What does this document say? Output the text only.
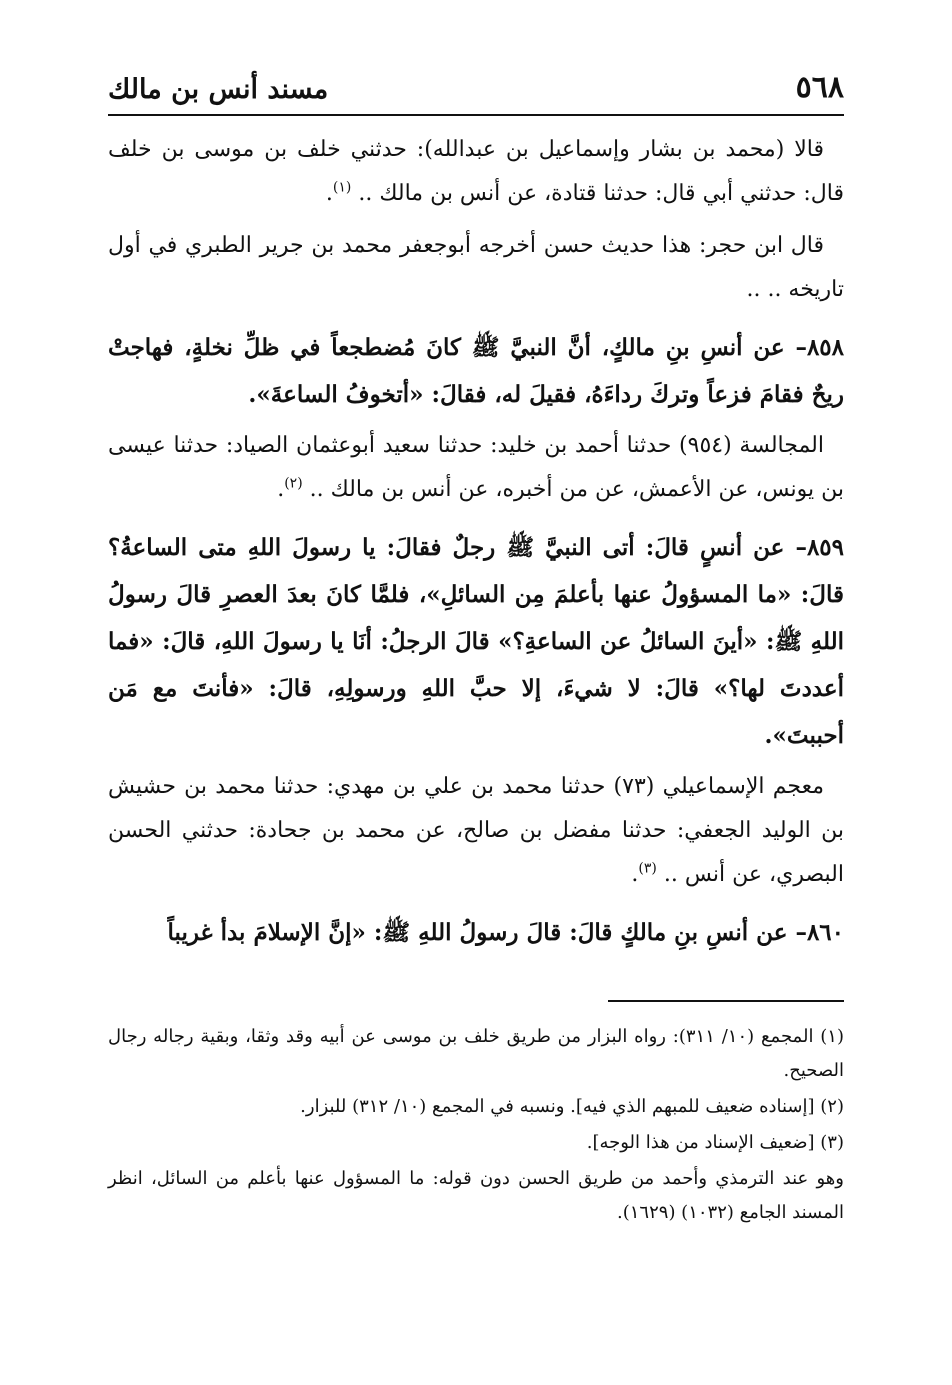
٥٦٨
مسند أنس بن مالك

قالا (محمد بن بشار وإسماعيل بن عبدالله): حدثني خلف بن موسى بن خلف قال: حدثني أبي قال: حدثنا قتادة، عن أنس بن مالك .. $^{(١)}$.

قال ابن حجر: هذا حديث حسن أخرجه أبوجعفر محمد بن جرير الطبري في أول تاريخه .. ..

٨٥٨– عن أنسِ بنِ مالكٍ، أنَّ النبيَّ ﷺ كانَ مُضطجعاً في ظلِّ نخلةٍ، فهاجتْ ريحٌ فقامَ فزعاً وتركَ رداءَهُ، فقيلَ له، فقالَ: «أتخوفُ الساعةَ».

المجالسة (٩٥٤) حدثنا أحمد بن خليد: حدثنا سعيد أبوعثمان الصياد: حدثنا عيسى بن يونس، عن الأعمش، عن من أخبره، عن أنس بن مالك .. $^{(٢)}$.

٨٥٩– عن أنسٍ قالَ: أتى النبيَّ ﷺ رجلٌ فقالَ: يا رسولَ اللهِ متى الساعةُ؟ قالَ: «ما المسؤولُ عنها بأعلمَ مِن السائلِ»، فلمَّا كانَ بعدَ العصرِ قالَ رسولُ اللهِ ﷺ: «أينَ السائلُ عن الساعةِ؟» قالَ الرجلُ: أنَا يا رسولَ اللهِ، قالَ: «فما أعددتَ لها؟» قالَ: لا شيءَ، إلا حبَّ اللهِ ورسولِهِ، قالَ: «فأنتَ مع مَن أحببتَ».

معجم الإسماعيلي (٧٣) حدثنا محمد بن علي بن مهدي: حدثنا محمد بن حشيش بن الوليد الجعفي: حدثنا مفضل بن صالح، عن محمد بن جحادة: حدثني الحسن البصري، عن أنس .. $^{(٣)}$.

٨٦٠– عن أنسِ بنِ مالكٍ قالَ: قالَ رسولُ اللهِ ﷺ: «إنَّ الإسلامَ بدأ غريباً

(١) المجمع (١٠/ ٣١١): رواه البزار من طريق خلف بن موسى عن أبيه وقد وثقا، وبقية رجاله رجال الصحيح.

(٢) [إسناده ضعيف للمبهم الذي فيه]. ونسبه في المجمع (١٠/ ٣١٢) للبزار.

(٣) [ضعيف الإسناد من هذا الوجه].

وهو عند الترمذي وأحمد من طريق الحسن دون قوله: ما المسؤول عنها بأعلم من السائل، انظر المسند الجامع (١٠٣٢) (١٦٢٩).
